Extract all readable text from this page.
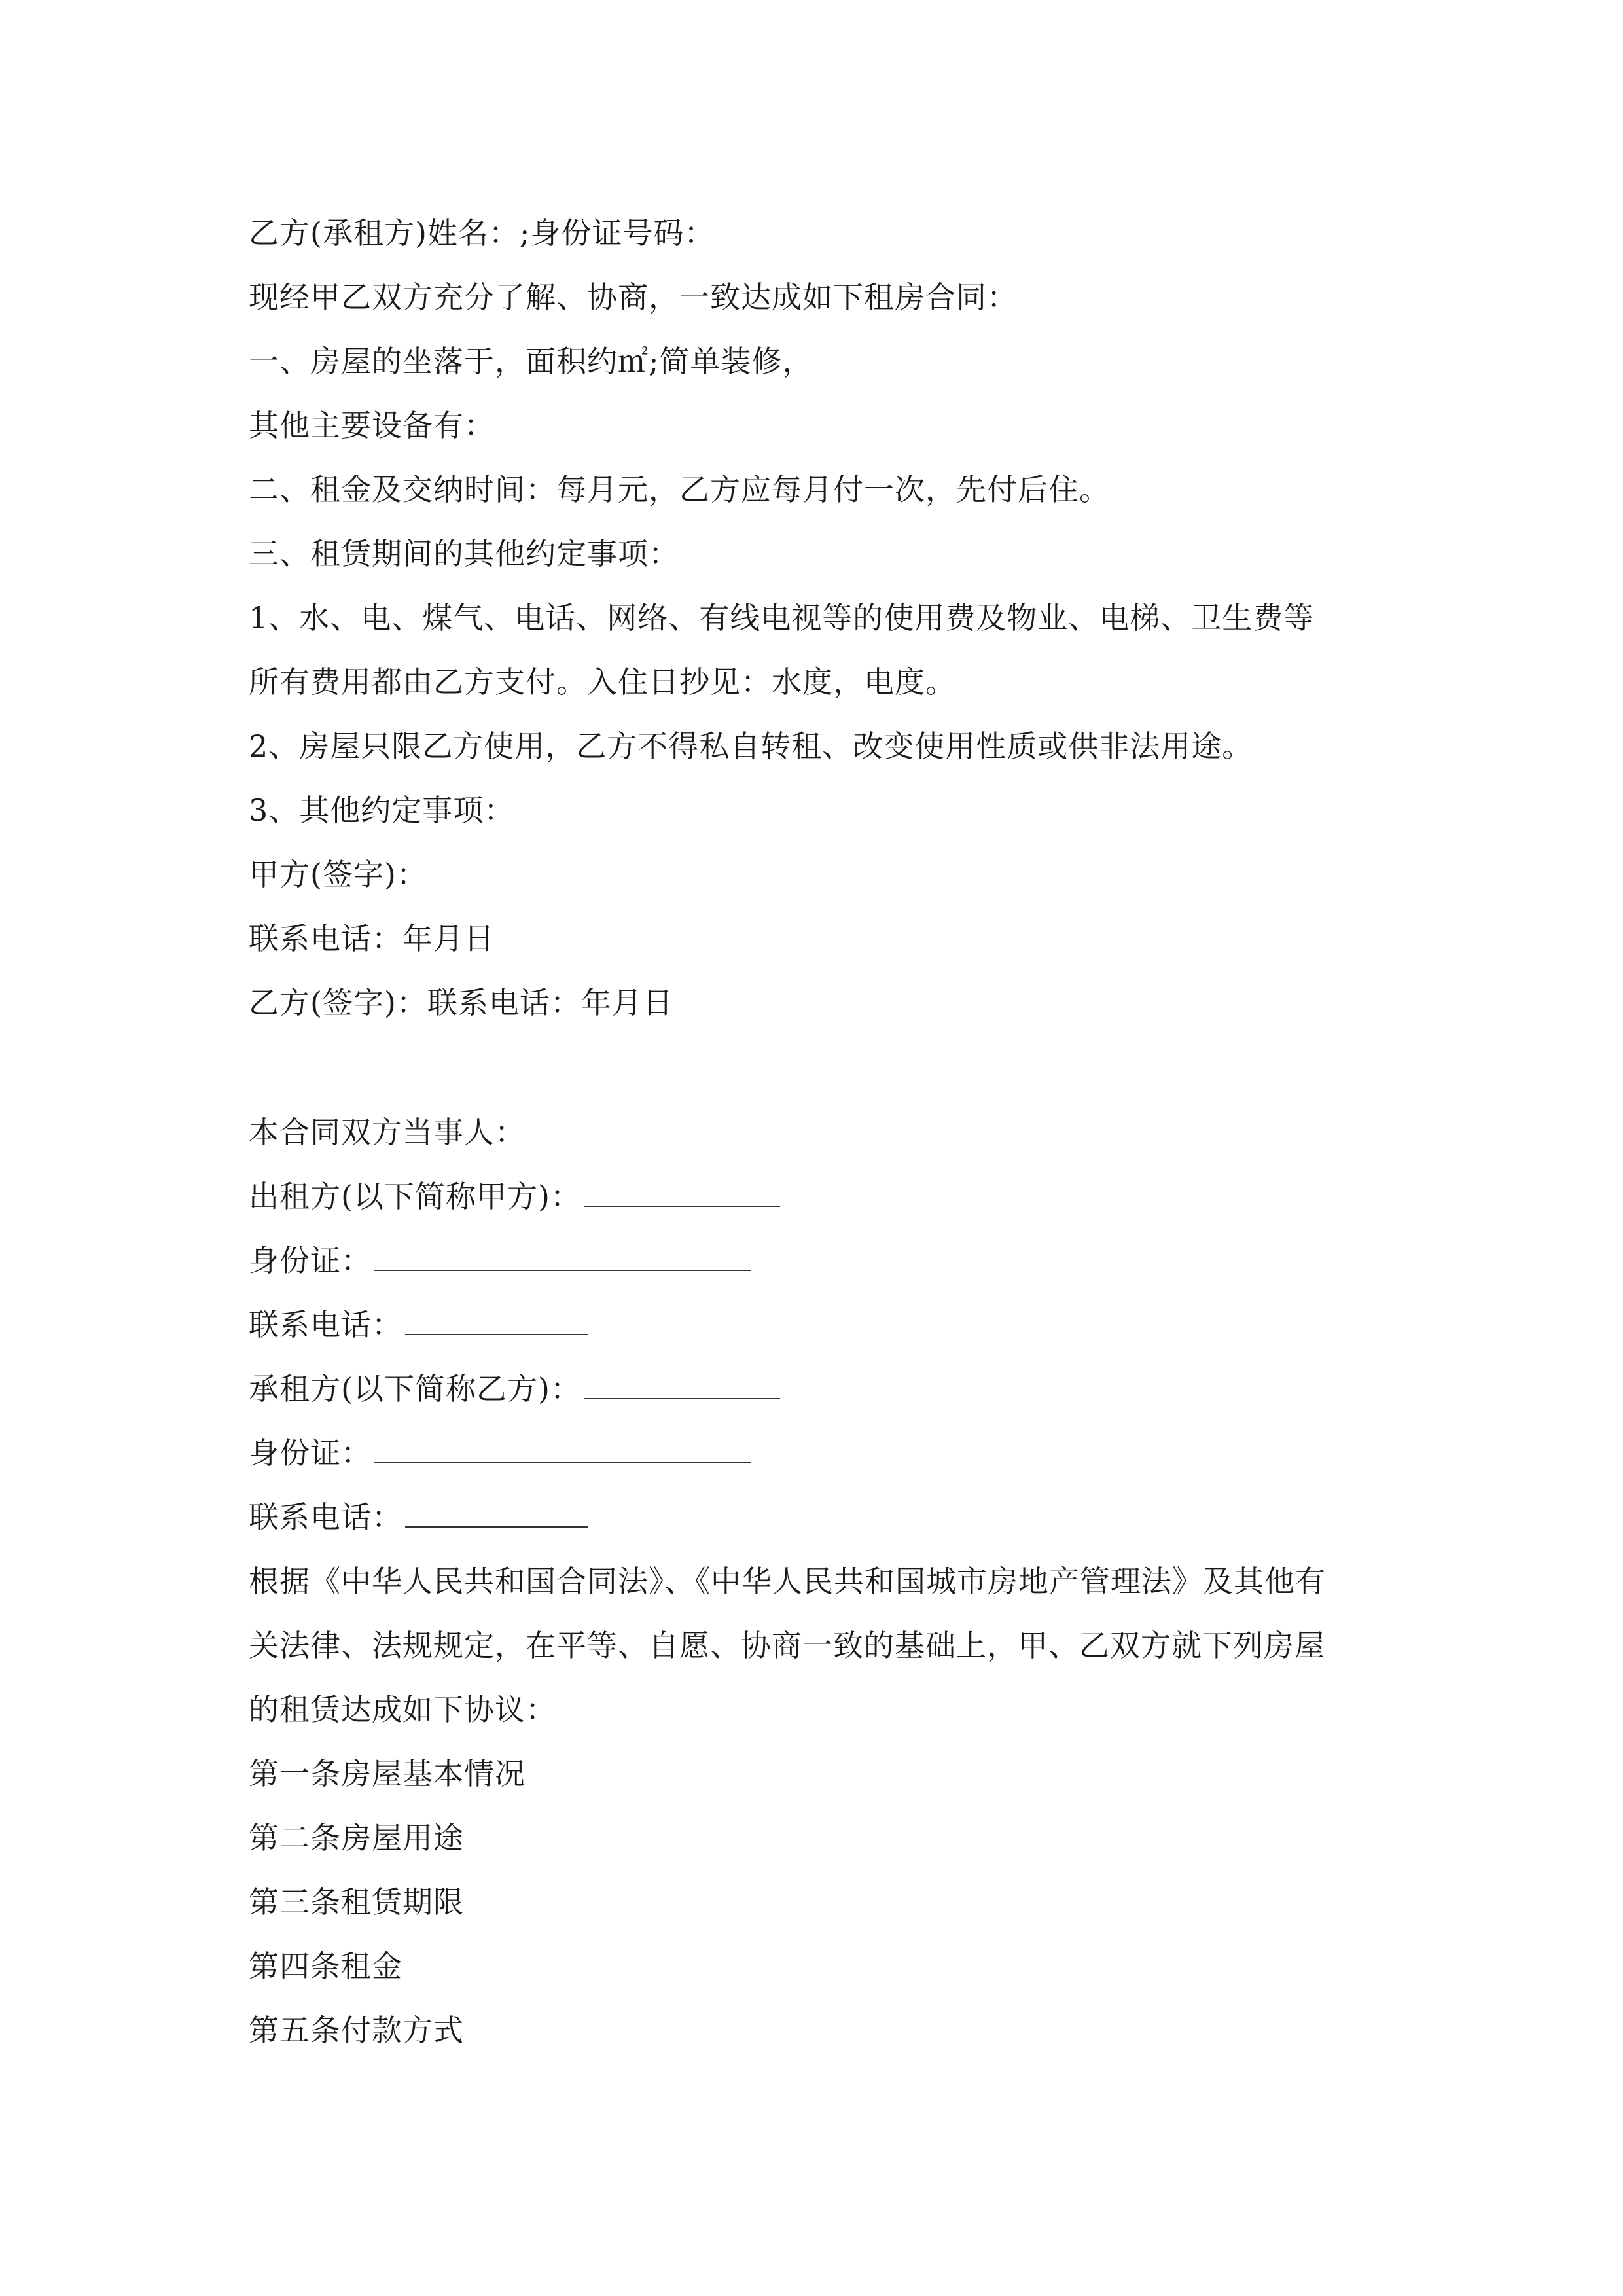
乙方(承租方)姓名：;身份证号码：
现经甲乙双方充分了解、协商，一致达成如下租房合同：
一、房屋的坐落于，面积约㎡;简单装修，
其他主要设备有：
二、租金及交纳时间：每月元，乙方应每月付一次，先付后住。
三、租赁期间的其他约定事项：
1、水、电、煤气、电话、网络、有线电视等的使用费及物业、电梯、卫生费等
所有费用都由乙方支付。入住日抄见：水度，电度。
2、房屋只限乙方使用，乙方不得私自转租、改变使用性质或供非法用途。
3、其他约定事项：
甲方(签字)：
联系电话：年月日
乙方(签字)：联系电话：年月日
本合同双方当事人：
出租方(以下简称甲方)：
身份证：
联系电话：
承租方(以下简称乙方)：
身份证：
联系电话：
根据《中华人民共和国合同法》、《中华人民共和国城市房地产管理法》及其他有
关法律、法规规定，在平等、自愿、协商一致的基础上，甲、乙双方就下列房屋
的租赁达成如下协议：
第一条房屋基本情况
第二条房屋用途
第三条租赁期限
第四条租金
第五条付款方式
